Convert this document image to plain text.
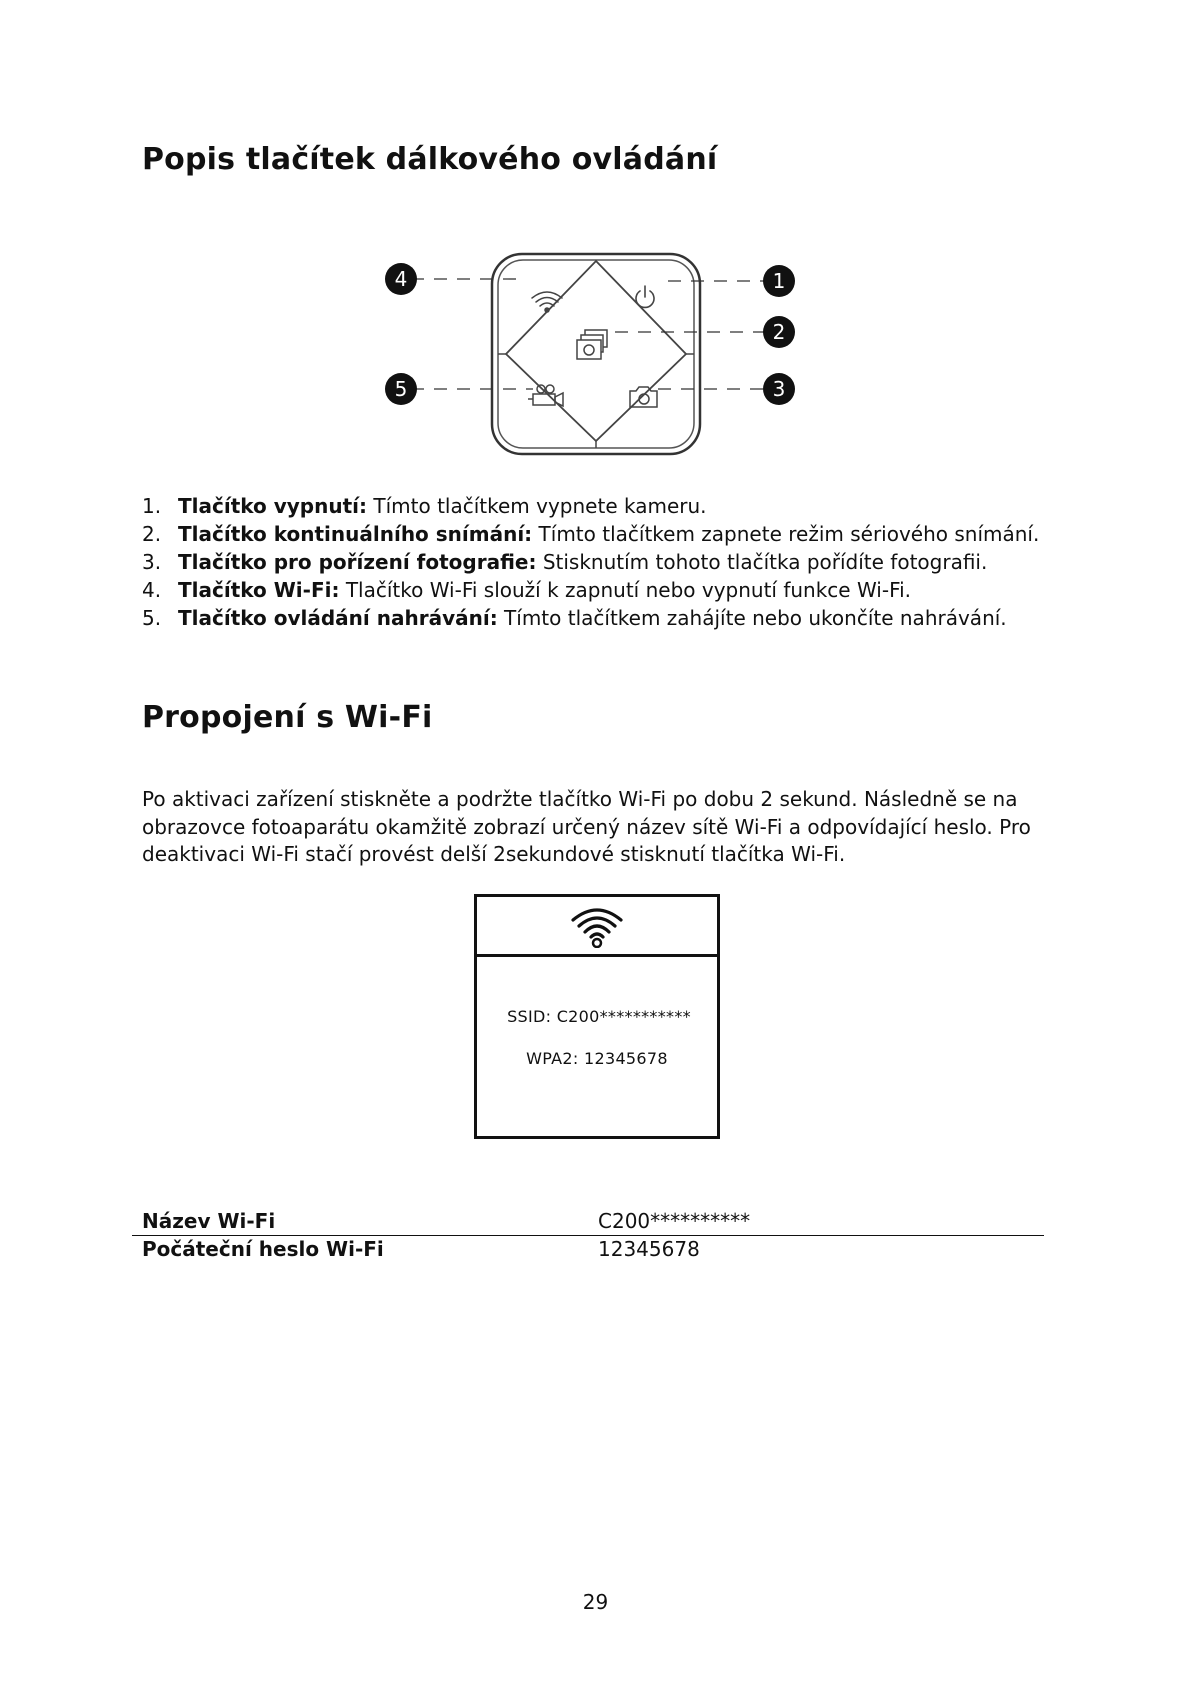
Popis tlačítek dálkového ovládání
4	1
2
5	3
1. Tlačítko vypnutí: Tímto tlačítkem vypnete kameru.
2. Tlačítko kontinuálního snímání: Tímto tlačítkem zapnete režim sériového snímání.
3. Tlačítko pro pořízení fotografie: Stisknutím tohoto tlačítka pořídíte fotografii.
4. Tlačítko Wi-Fi: Tlačítko Wi-Fi slouží k zapnutí nebo vypnutí funkce Wi-Fi.
5. Tlačítko ovládání nahrávání: Tímto tlačítkem zahájíte nebo ukončíte nahrávání.
Propojení s Wi-Fi

Po aktivaci zařízení stiskněte a podržte tlačítko Wi-Fi po dobu 2 sekund. Následně se na obrazovce fotoaparátu okamžitě zobrazí určený název sítě Wi-Fi a odpovídající heslo. Pro deaktivaci Wi-Fi stačí provést delší 2sekundové stisknutí tlačítka Wi-Fi.

SSID: C200***********
WPA2: 12345678
Název Wi-Fi	C200**********
Počáteční heslo Wi-Fi	12345678
29
